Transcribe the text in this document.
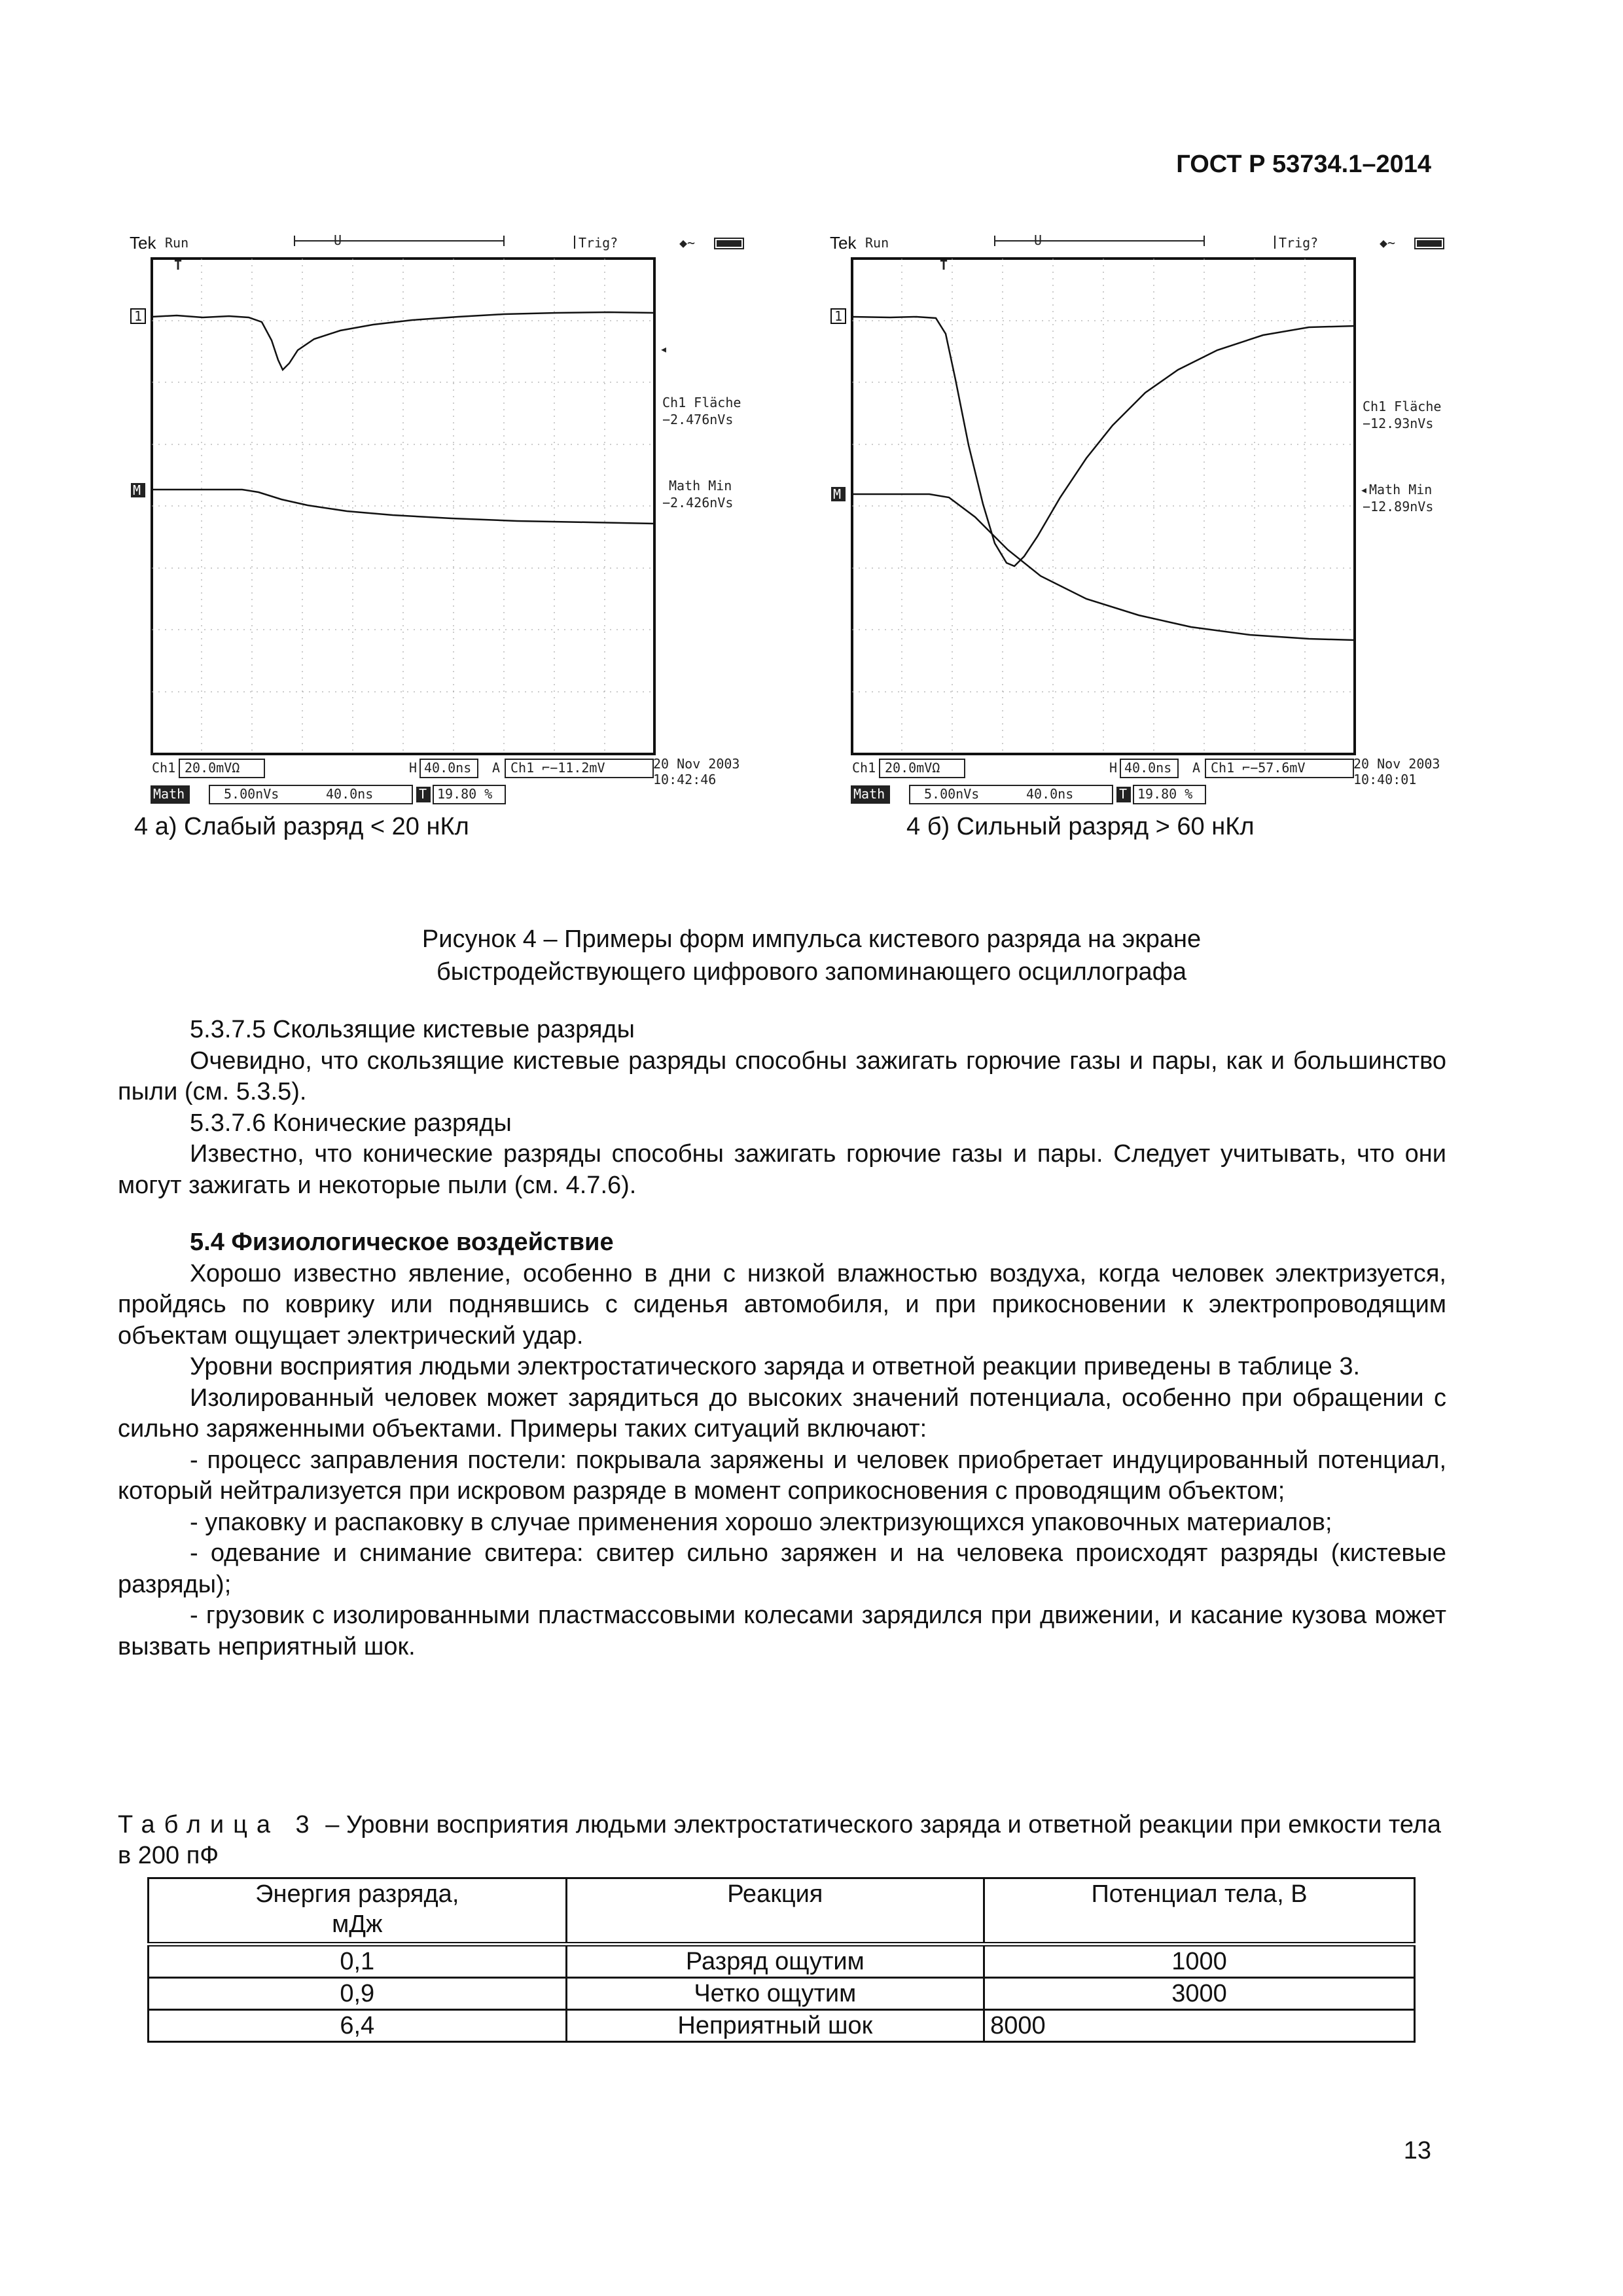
ГОСТ Р 53734.1–2014
Tek Run	U	Trig?	◆~
T
1
M
◂
Ch1 Fläche
−2.476nVs
Math Min
−2.426nVs
Ch1 20.0mVΩ	H 40.0ns A Ch1 ⌐−11.2mV
Math	5.00nVs	40.0ns	T 19.80 %
20 Nov 2003
10:42:46
Tek Run	U	Trig?	◆~
T
1
M	◂
Ch1 Fläche
−12.93nVs
Math Min
−12.89nVs
Ch1 20.0mVΩ	H 40.0ns A Ch1 ⌐−57.6mV
Math	5.00nVs	40.0ns	T 19.80 %
20 Nov 2003
10:40:01
4 а) Слабый разряд < 20 нКл	4 б) Сильный разряд > 60 нКл
Рисунок 4 – Примеры форм импульса кистевого разряда на экране
быстродействующего цифрового запоминающего осциллографа

5.3.7.5 Скользящие кистевые разряды

Очевидно, что скользящие кистевые разряды способны зажигать горючие газы и пары, как и большинство пыли (см. 5.3.5).

5.3.7.6 Конические разряды

Известно, что конические разряды способны зажигать горючие газы и пары. Следует учитывать, что они могут зажигать и некоторые пыли (см. 4.7.6).

5.4 Физиологическое воздействие

Хорошо известно явление, особенно в дни с низкой влажностью воздуха, когда человек электризуется, пройдясь по коврику или поднявшись с сиденья автомобиля, и при прикосновении к электропроводящим объектам ощущает электрический удар.

Уровни восприятия людьми электростатического заряда и ответной реакции приведены в таблице 3.

Изолированный человек может зарядиться до высоких значений потенциала, особенно при обращении с сильно заряженными объектами. Примеры таких ситуаций включают:

- процесс заправления постели: покрывала заряжены и человек приобретает индуцированный потенциал, который нейтрализуется при искровом разряде в момент соприкосновения с проводящим объектом;

- упаковку и распаковку в случае применения хорошо электризующихся упаковочных материалов;

- одевание и снимание свитера: свитер сильно заряжен и на человека происходят разряды (кистевые разряды);

- грузовик с изолированными пластмассовыми колесами зарядился при движении, и касание кузова может вызвать неприятный шок.

Таблица 3 – Уровни восприятия людьми электростатического заряда и ответной реакции при емкости тела в 200 пФ
Энергия разряда,
мДж	Реакция	Потенциал тела, В
0,1	Разряд ощутим	1000
0,9	Четко ощутим	3000
6,4	Неприятный шок	8000
13
